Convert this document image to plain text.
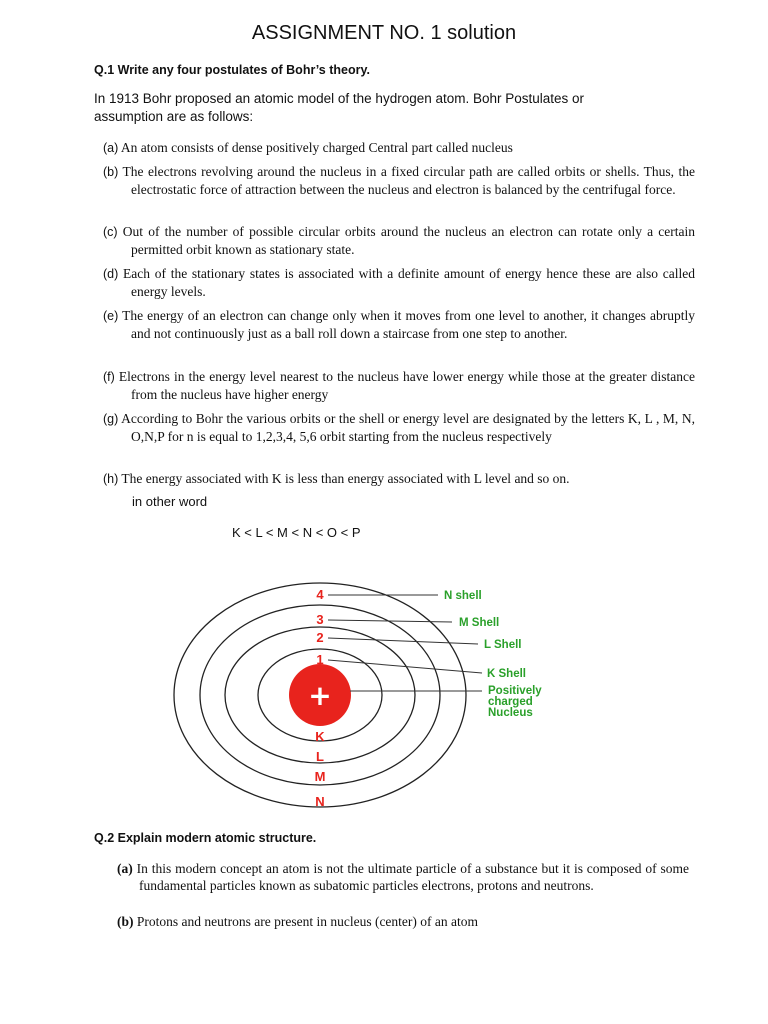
ASSIGNMENT NO. 1 solution
Q.1 Write any four postulates of Bohr’s theory.
In 1913 Bohr proposed an atomic model of the hydrogen atom. Bohr Postulates or assumption are as follows:
(a) An atom consists of dense positively charged Central part called nucleus
(b) The electrons revolving around the nucleus in a fixed circular path are called orbits or shells. Thus, the electrostatic force of attraction between the nucleus and electron is balanced by the centrifugal force.
(c) Out of the number of possible circular orbits around the nucleus an electron can rotate only a certain permitted orbit known as stationary state.
(d) Each of the stationary states is associated with a definite amount of energy hence these are also called energy levels.
(e) The energy of an electron can change only when it moves from one level to another, it changes abruptly and not continuously just as a ball roll down a staircase from one step to another.
(f) Electrons in the energy level nearest to the nucleus have lower energy while those at the greater distance from the nucleus have higher energy
(g) According to Bohr the various orbits or the shell or energy level are designated by the letters K, L , M, N, O,N,P for n is equal to 1,2,3,4, 5,6 orbit starting from the nucleus respectively
(h) The energy associated with K is less than energy associated with L level and so on.
in other word
K < L < M < N < O < P
+
4
3
2
1
K
L
M
N
N shell
M Shell
L Shell
K Shell
Positively
charged
Nucleus
Q.2 Explain modern atomic structure.
(a) In this modern concept an atom is not the ultimate particle of a substance but it is composed of some fundamental particles known as subatomic particles electrons, protons and neutrons.
(b) Protons and neutrons are present in nucleus (center) of an atom
